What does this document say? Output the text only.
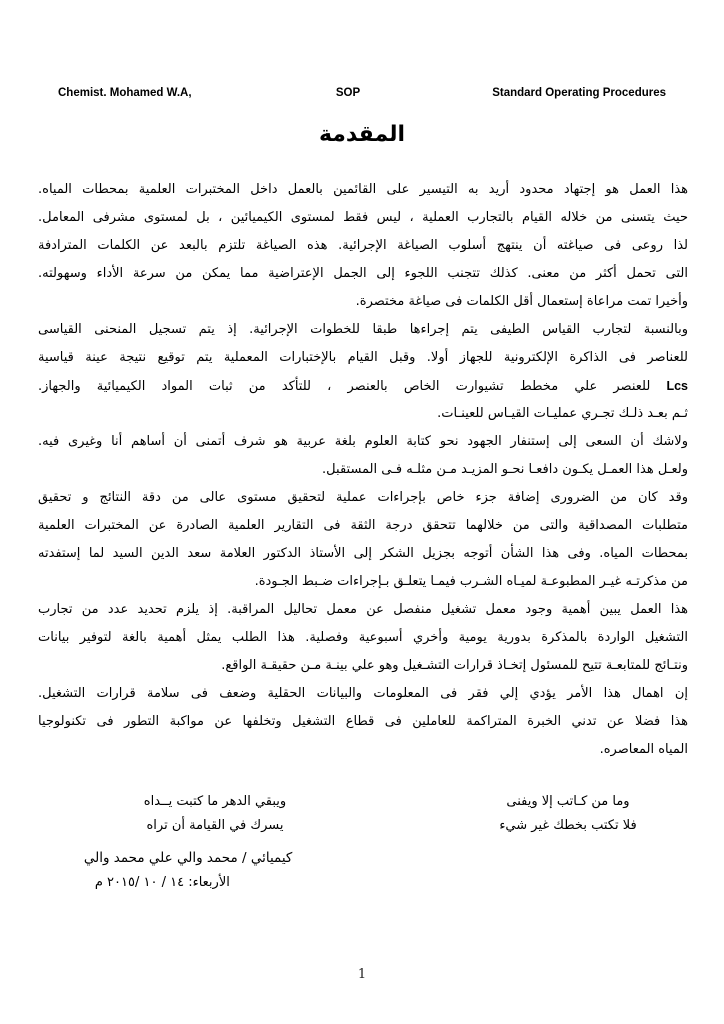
Chemist. Mohamed W.A,	SOP	Standard Operating Procedures
المقدمة
هذا العمل هو إجتهاد محدود أريد به التيسير على القائمين بالعمل داخل المختبرات العلمية بمحطات المياه.
حيث يتسنى من خلاله القيام بالتجارب العملية ، ليس فقط لمستوى الكيميائين ، بل لمستوى مشرفى المعامل.
لذا روعى فى صياغته أن ينتهج أسلوب الصياغة الإجرائية. هذه الصياغة تلتزم بالبعد عن الكلمات المترادفة
التى تحمل أكثر من معنى. كذلك تتجنب اللجوء إلى الجمل الإعتراضية مما يمكن من سرعة الأداء وسهولته.
وأخيرا تمت مراعاة إستعمال أقل الكلمات فى صياغة مختصرة.
وبالنسبة لتجارب القياس الطيفى يتم إجراءها طبقا للخطوات الإجرائية. إذ يتم تسجيل المنحنى القياسى
للعناصر فى الذاكرة الإلكترونية للجهاز أولا. وقبل القيام بالإختبارات المعملية يتم توقيع نتيجة عينة قياسية
Lcs للعنصر علي مخطط تشيوارت الخاص بالعنصر ، للتأكد من ثبات المواد الكيميائية والجهاز.
ثـم بعـد ذلـك تجـري عمليـات القيـاس للعينـات.
ولاشك أن السعى إلى إستنفار الجهود نحو كتابة العلوم بلغة عربية هو شرف أتمنى أن أساهم أنا وغيرى فيه.
ولعـل هذا العمـل يكـون دافعـا نحـو المزيـد مـن مثلـه فـى المستقبل.
وقد كان من الضرورى إضافة جزء خاص بإجراءات عملية لتحقيق مستوى عالى من دقة النتائج و تحقيق
متطلبات المصداقية والتى من خلالهما تتحقق درجة الثقة فى التقارير العلمية الصادرة عن المختبرات العلمية
بمحطات المياه. وفى هذا الشأن أتوجه بجزيل الشكر إلى الأستاذ الدكتور العلامة سعد الدين السيد لما إستفدته
من مذكرتـه غيـر المطبوعـة لميـاه الشـرب فيمـا يتعلـق بـإجراءات ضـبط الجـودة.
هذا العمل يبين أهمية وجود معمل تشغيل منفصل عن معمل تحاليل المراقبة. إذ يلزم تحديد عدد من تجارب
التشغيل الواردة بالمذكرة بدورية يومية وأخري أسبوعية وفصلية. هذا الطلب يمثل أهمية بالغة لتوفير بيانات
ونتـائج للمتابعـة تتيح للمسئول إتخـاذ قرارات التشـغيل وهو علي بينـة مـن حقيقـة الواقع.
إن اهمال هذا الأمر يؤدي إلي فقر فى المعلومات والبيانات الحقلية وضعف فى سلامة قرارات التشغيل.
هذا فضلا عن تدني الخبرة المتراكمة للعاملين فى قطاع التشغيل وتخلفها عن مواكبة التطور فى تكنولوجيا
المياه المعاصره.
وما من كـاتب إلا ويفنى
فلا تكتب بخطك غير شيء
ويبقي الدهر ما كتبت يــداه
يسرك في القيامة أن تراه
كيميائي / محمد والي علي محمد والي
الأربعاء: ١٤ / ١٠ /٢٠١٥ م
1
